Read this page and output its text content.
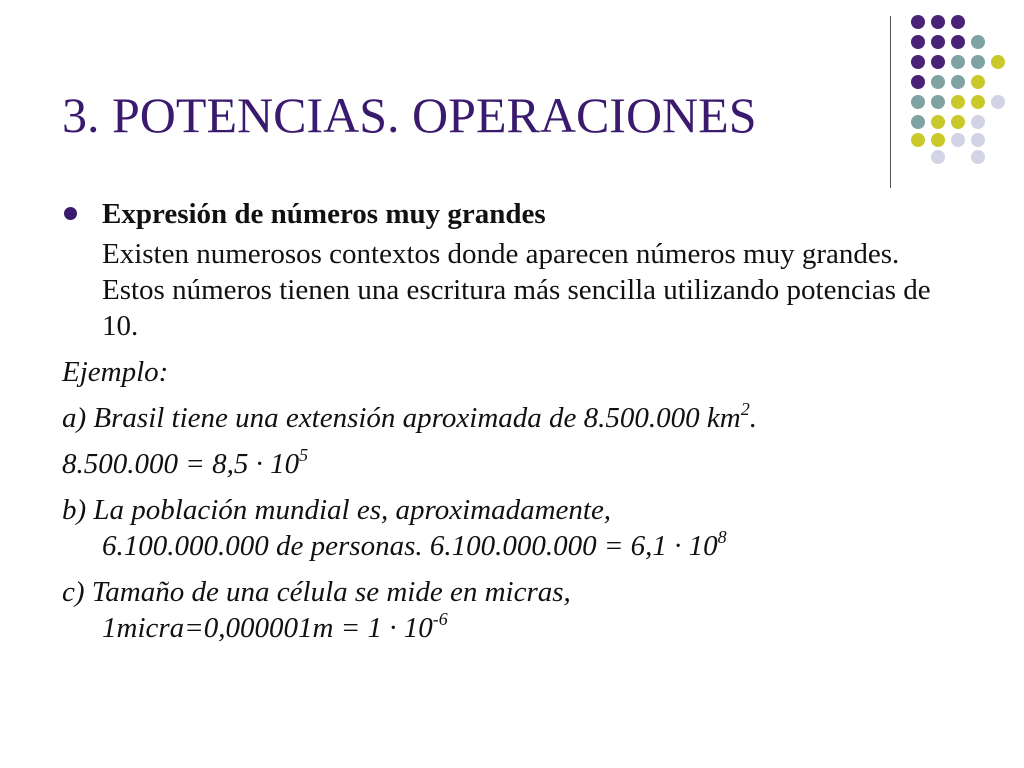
3. POTENCIAS. OPERACIONES
Expresión de números muy grandes
Existen numerosos contextos donde aparecen números muy grandes. Estos números tienen una escritura más sencilla utilizando potencias de 10.
Ejemplo:
a) Brasil tiene una extensión aproximada de 8.500.000 $km^2$.
$8.500.000 = 8,5 \cdot 10^5$
b) La población mundial es, aproximadamente,
6.100.000.000 de personas. $6.100.000.000 = 6,1 \cdot 10^8$
c) Tamaño de una célula se mide en micras,
1micra=0,000001m = $1 \cdot 10^{-6}$
